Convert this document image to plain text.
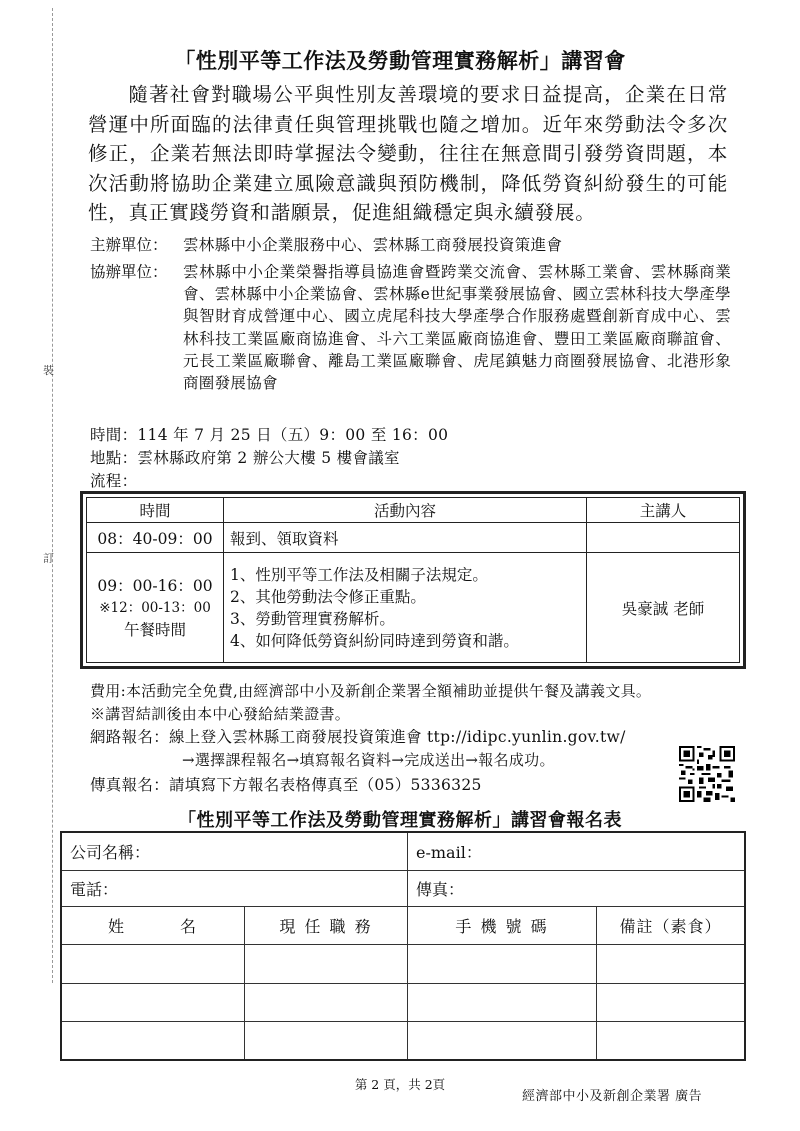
裝
訂
「性別平等工作法及勞動管理實務解析」講習會

隨著社會對職場公平與性別友善環境的要求日益提高，企業在日常營運中所面臨的法律責任與管理挑戰也隨之增加。近年來勞動法令多次修正，企業若無法即時掌握法令變動，往往在無意間引發勞資問題，本次活動將協助企業建立風險意識與預防機制，降低勞資糾紛發生的可能性，真正實踐勞資和諧願景，促進組織穩定與永續發展。

主辦單位： 雲林縣中小企業服務中心、雲林縣工商發展投資策進會
協辦單位： 雲林縣中小企業榮譽指導員協進會暨跨業交流會、雲林縣工業會、雲林縣商業會、雲林縣中小企業協會、雲林縣e世紀事業發展協會、國立雲林科技大學產學與智財育成營運中心、國立虎尾科技大學產學合作服務處暨創新育成中心、雲林科技工業區廠商協進會、斗六工業區廠商協進會、豐田工業區廠商聯誼會、元長工業區廠聯會、離島工業區廠聯會、虎尾鎮魅力商圈發展協會、北港形象商圈發展協會

時間：114 年 7 月 25 日（五）9：00 至 16：00
地點：雲林縣政府第 2 辦公大樓 5 樓會議室
流程：
時間	活動內容	主講人
08：40-09：00	報到、領取資料	

09：00-16：00
※12：00-13：00
午餐時間	1、性別平等工作法及相關子法規定。
2、其他勞動法令修正重點。
3、勞動管理實務解析。
4、如何降低勞資糾紛同時達到勞資和諧。	吳豪誠 老師
費用:本活動完全免費,由經濟部中小及新創企業署全額補助並提供午餐及講義文具。
※講習結訓後由本中心發給結業證書。
網路報名：線上登入雲林縣工商發展投資策進會 ttp://idipc.yunlin.gov.tw/
→選擇課程報名→填寫報名資料→完成送出→報名成功。
傳真報名：請填寫下方報名表格傳真至（05）5336325
「性別平等工作法及勞動管理實務解析」講習會報名表
公司名稱：		e-mail：	
電話：		傳真：	
姓　　　名	現 任 職 務	手 機 號 碼	備註（素食）

第 2 頁，共 2頁
經濟部中小及新創企業署 廣告
